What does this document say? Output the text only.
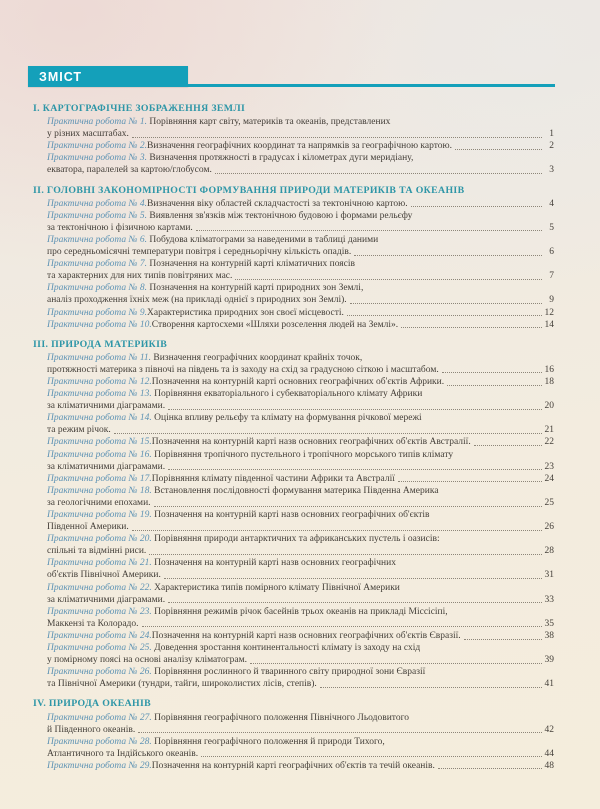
ЗМІСТ
I. КАРТОГРАФІЧНЕ ЗОБРАЖЕННЯ ЗЕМЛІ
Практична робота № 1. Порівняння карт світу, материків та океанів, представлених
у різних масштабах.	1
Практична робота № 2. Визначення географічних координат та напрямків за географічною картою.	2
Практична робота № 3. Визначення протяжності в градусах і кілометрах дуги меридіану,
екватора, паралелей за картою/глобусом.	3
II. ГОЛОВНІ ЗАКОНОМІРНОСТІ ФОРМУВАННЯ ПРИРОДИ МАТЕРИКІВ ТА ОКЕАНІВ
Практична робота № 4. Визначення віку областей складчастості за тектонічною картою.	4
Практична робота № 5. Виявлення зв'язків між тектонічною будовою і формами рельєфу
за тектонічною і фізичною картами.	5
Практична робота № 6. Побудова кліматограми за наведеними в таблиці даними
про середньомісячні температури повітря і середньорічну кількість опадів.	6
Практична робота № 7. Позначення на контурній карті кліматичних поясів
та характерних для них типів повітряних мас.	7
Практична робота № 8. Позначення на контурній карті природних зон Землі,
аналіз проходження їхніх меж (на прикладі однієї з природних зон Землі).	9
Практична робота № 9. Характеристика природних зон своєї місцевості.	12
Практична робота № 10. Створення картосхеми «Шляхи розселення людей на Землі».	14
III. ПРИРОДА МАТЕРИКІВ
Практична робота № 11. Визначення географічних координат крайніх точок,
протяжності материка з півночі на південь та із заходу на схід за градусною сіткою і масштабом.	16
Практична робота № 12. Позначення на контурній карті основних географічних об'єктів Африки.	18
Практична робота № 13. Порівняння екваторіального і субекваторіального клімату Африки
за кліматичними діаграмами.	20
Практична робота № 14. Оцінка впливу рельєфу та клімату на формування річкової мережі
та режим річок.	21
Практична робота № 15. Позначення на контурній карті назв основних географічних об'єктів Австралії.	22
Практична робота № 16. Порівняння тропічного пустельного і тропічного морського типів клімату
за кліматичними діаграмами.	23
Практична робота № 17. Порівняння клімату південної частини Африки та Австралії	24
Практична робота № 18. Встановлення послідовності формування материка Південна Америка
за геологічними епохами.	25
Практична робота № 19. Позначення на контурній карті назв основних географічних об'єктів
Південної Америки.	26
Практична робота № 20. Порівняння природи антарктичних та африканських пустель і оазисів:
спільні та відмінні риси.	28
Практична робота № 21. Позначення на контурній карті назв основних географічних
об'єктів Північної Америки.	31
Практична робота № 22. Характеристика типів помірного клімату Північної Америки
за кліматичними діаграмами.	33
Практична робота № 23. Порівняння режимів річок басейнів трьох океанів на прикладі Міссісіпі,
Маккензі та Колорадо.	35
Практична робота № 24. Позначення на контурній карті назв основних географічних об'єктів Євразії.	38
Практична робота № 25. Доведення зростання континентальності клімату із заходу на схід
у помірному поясі на основі аналізу кліматограм.	39
Практична робота № 26. Порівняння рослинного й тваринного світу природної зони Євразії
та Північної Америки (тундри, тайги, широколистих лісів, степів).	41
IV. ПРИРОДА ОКЕАНІВ
Практична робота № 27. Порівняння географічного положення Північного Льодовитого
й Південного океанів.	42
Практична робота № 28. Порівняння географічного положення й природи Тихого,
Атлантичного та Індійського океанів.	44
Практична робота № 29. Позначення на контурній карті географічних об'єктів та течій океанів.	48
